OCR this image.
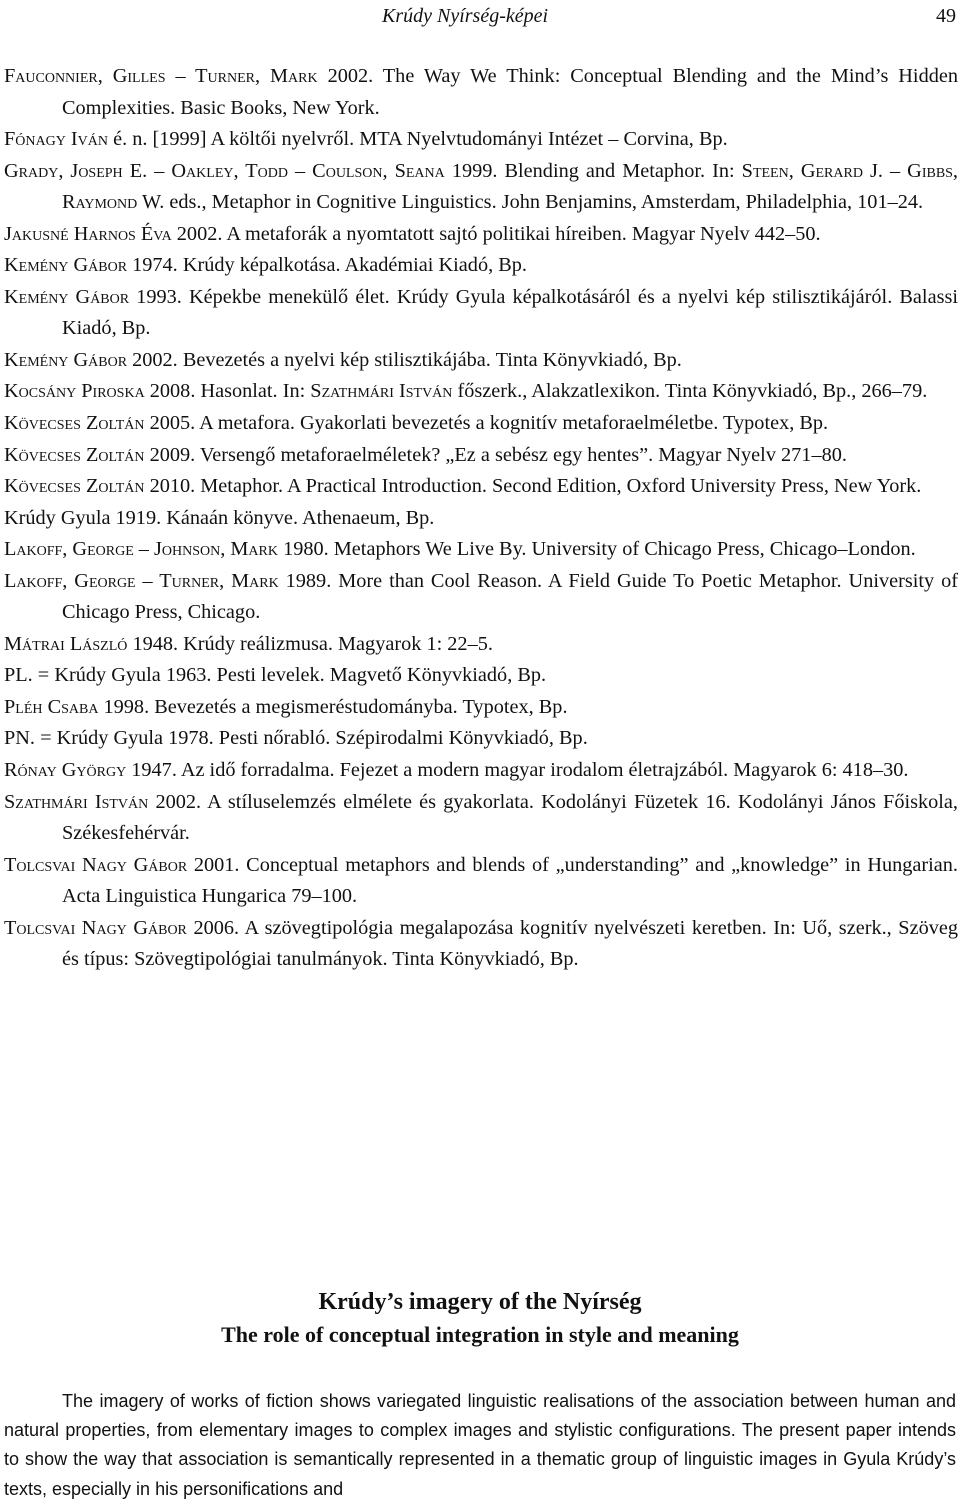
Krúdy Nyírség-képei	49

Fauconnier, Gilles – Turner, Mark 2002. The Way We Think: Conceptual Blending and the Mind’s Hidden Complexities. Basic Books, New York.

Fónagy Iván é. n. [1999] A költői nyelvről. MTA Nyelvtudományi Intézet – Corvina, Bp.

Grady, Joseph E. – Oakley, Todd – Coulson, Seana 1999. Blending and Metaphor. In: Steen, Gerard J. – Gibbs, Raymond W. eds., Metaphor in Cognitive Linguistics. John Benjamins, Amsterdam, Philadelphia, 101–24.

Jakusné Harnos Éva 2002. A metaforák a nyomtatott sajtó politikai híreiben. Magyar Nyelv 442–50.

Kemény Gábor 1974. Krúdy képalkotása. Akadémiai Kiadó, Bp.

Kemény Gábor 1993. Képekbe menekülő élet. Krúdy Gyula képalkotásáról és a nyelvi kép stilisztikájáról. Balassi Kiadó, Bp.

Kemény Gábor 2002. Bevezetés a nyelvi kép stilisztikájába. Tinta Könyvkiadó, Bp.

Kocsány Piroska 2008. Hasonlat. In: Szathmári István főszerk., Alakzatlexikon. Tinta Könyvkiadó, Bp., 266–79.

Kövecses Zoltán 2005. A metafora. Gyakorlati bevezetés a kognitív metaforaelméletbe. Typotex, Bp.

Kövecses Zoltán 2009. Versengő metaforaelméletek? „Ez a sebész egy hentes”. Magyar Nyelv 271–80.

Kövecses Zoltán 2010. Metaphor. A Practical Introduction. Second Edition, Oxford University Press, New York.

Krúdy Gyula 1919. Kánaán könyve. Athenaeum, Bp.

Lakoff, George – Johnson, Mark 1980. Metaphors We Live By. University of Chicago Press, Chicago–London.

Lakoff, George – Turner, Mark 1989. More than Cool Reason. A Field Guide To Poetic Metaphor. University of Chicago Press, Chicago.

Mátrai László 1948. Krúdy reálizmusa. Magyarok 1: 22–5.

PL. = Krúdy Gyula 1963. Pesti levelek. Magvető Könyvkiadó, Bp.

Pléh Csaba 1998. Bevezetés a megismeréstudományba. Typotex, Bp.

PN. = Krúdy Gyula 1978. Pesti nőrabló. Szépirodalmi Könyvkiadó, Bp.

Rónay György 1947. Az idő forradalma. Fejezet a modern magyar irodalom életrajzából. Magyarok 6: 418–30.

Szathmári István 2002. A stíluselemzés elmélete és gyakorlata. Kodolányi Füzetek 16. Kodolányi János Főiskola, Székesfehérvár.

Tolcsvai Nagy Gábor 2001. Conceptual metaphors and blends of „understanding” and „knowledge” in Hungarian. Acta Linguistica Hungarica 79–100.

Tolcsvai Nagy Gábor 2006. A szövegtipológia megalapozása kognitív nyelvészeti keretben. In: Uő, szerk., Szöveg és típus: Szövegtipológiai tanulmányok. Tinta Könyvkiadó, Bp.

Krúdy’s imagery of the Nyírség
The role of conceptual integration in style and meaning

The imagery of works of fiction shows variegated linguistic realisations of the association between human and natural properties, from elementary images to complex images and stylistic configurations. The present paper intends to show the way that association is semantically represented in a thematic group of linguistic images in Gyula Krúdy’s texts, especially in his personifications and
